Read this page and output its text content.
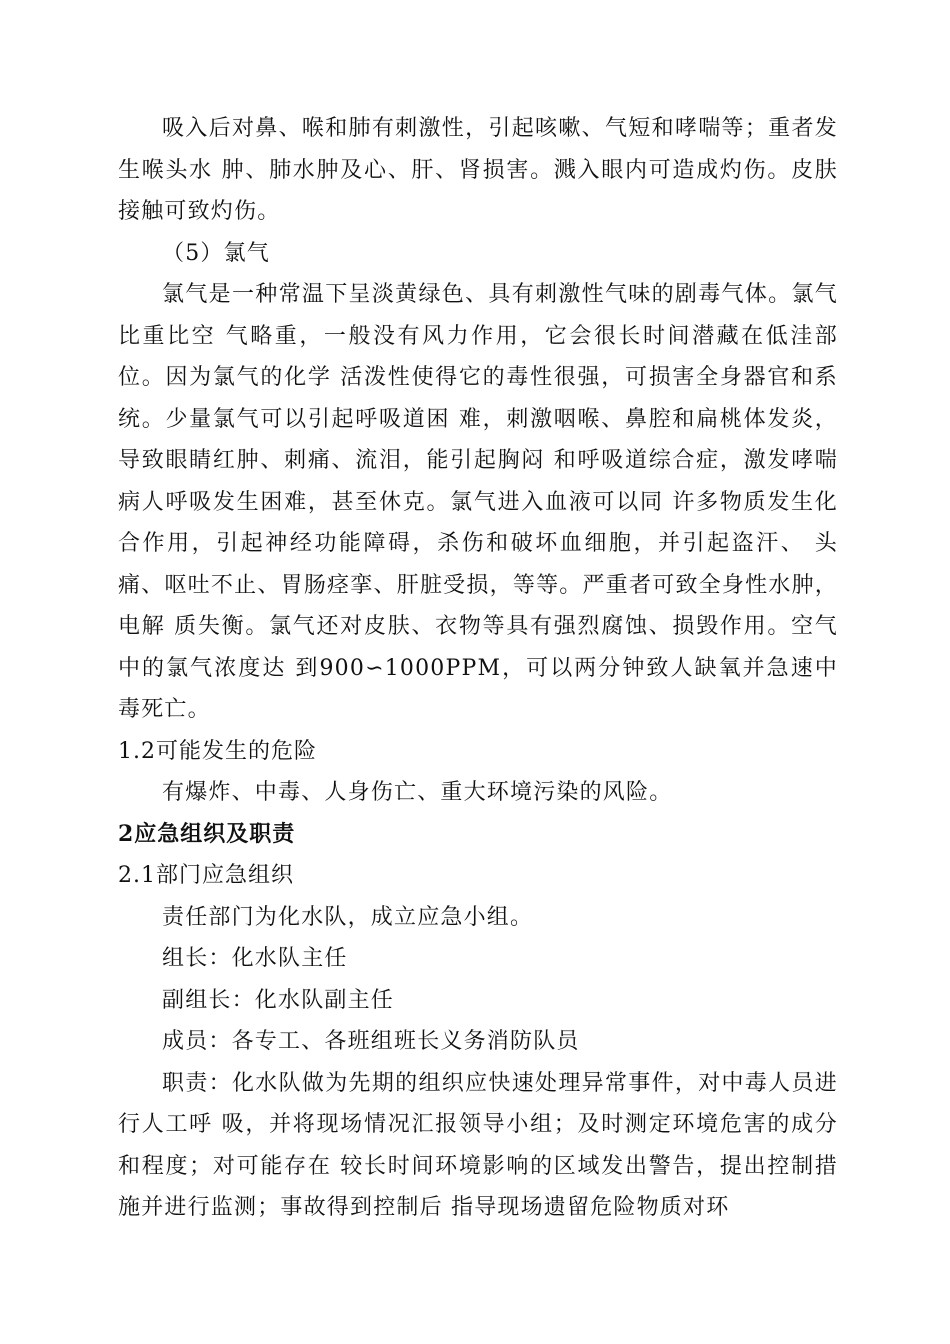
吸入后对鼻、喉和肺有刺激性，引起咳嗽、气短和哮喘等；重者发生喉头水 肿、肺水肿及心、肝、肾损害。溅入眼内可造成灼伤。皮肤接触可致灼伤。

（5）氯气

氯气是一种常温下呈淡黄绿色、具有刺激性气味的剧毒气体。氯气比重比空 气略重，一般没有风力作用，它会很长时间潜藏在低洼部位。因为氯气的化学 活泼性使得它的毒性很强，可损害全身器官和系统。少量氯气可以引起呼吸道困 难，刺激咽喉、鼻腔和扁桃体发炎，导致眼睛红肿、刺痛、流泪，能引起胸闷 和呼吸道综合症，激发哮喘病人呼吸发生困难，甚至休克。氯气进入血液可以同 许多物质发生化合作用，引起神经功能障碍，杀伤和破坏血细胞，并引起盗汗、 头痛、呕吐不止、胃肠痉挛、肝脏受损，等等。严重者可致全身性水肿，电解 质失衡。氯气还对皮肤、衣物等具有强烈腐蚀、损毁作用。空气中的氯气浓度达 到900∽1000PPM，可以两分钟致人缺氧并急速中毒死亡。

1.2可能发生的危险

有爆炸、中毒、人身伤亡、重大环境污染的风险。

2应急组织及职责

2.1部门应急组织

责任部门为化水队，成立应急小组。

组长：化水队主任

副组长：化水队副主任

成员：各专工、各班组班长义务消防队员

职责：化水队做为先期的组织应快速处理异常事件，对中毒人员进行人工呼 吸，并将现场情况汇报领导小组；及时测定环境危害的成分和程度；对可能存在 较长时间环境影响的区域发出警告，提出控制措施并进行监测；事故得到控制后 指导现场遗留危险物质对环
